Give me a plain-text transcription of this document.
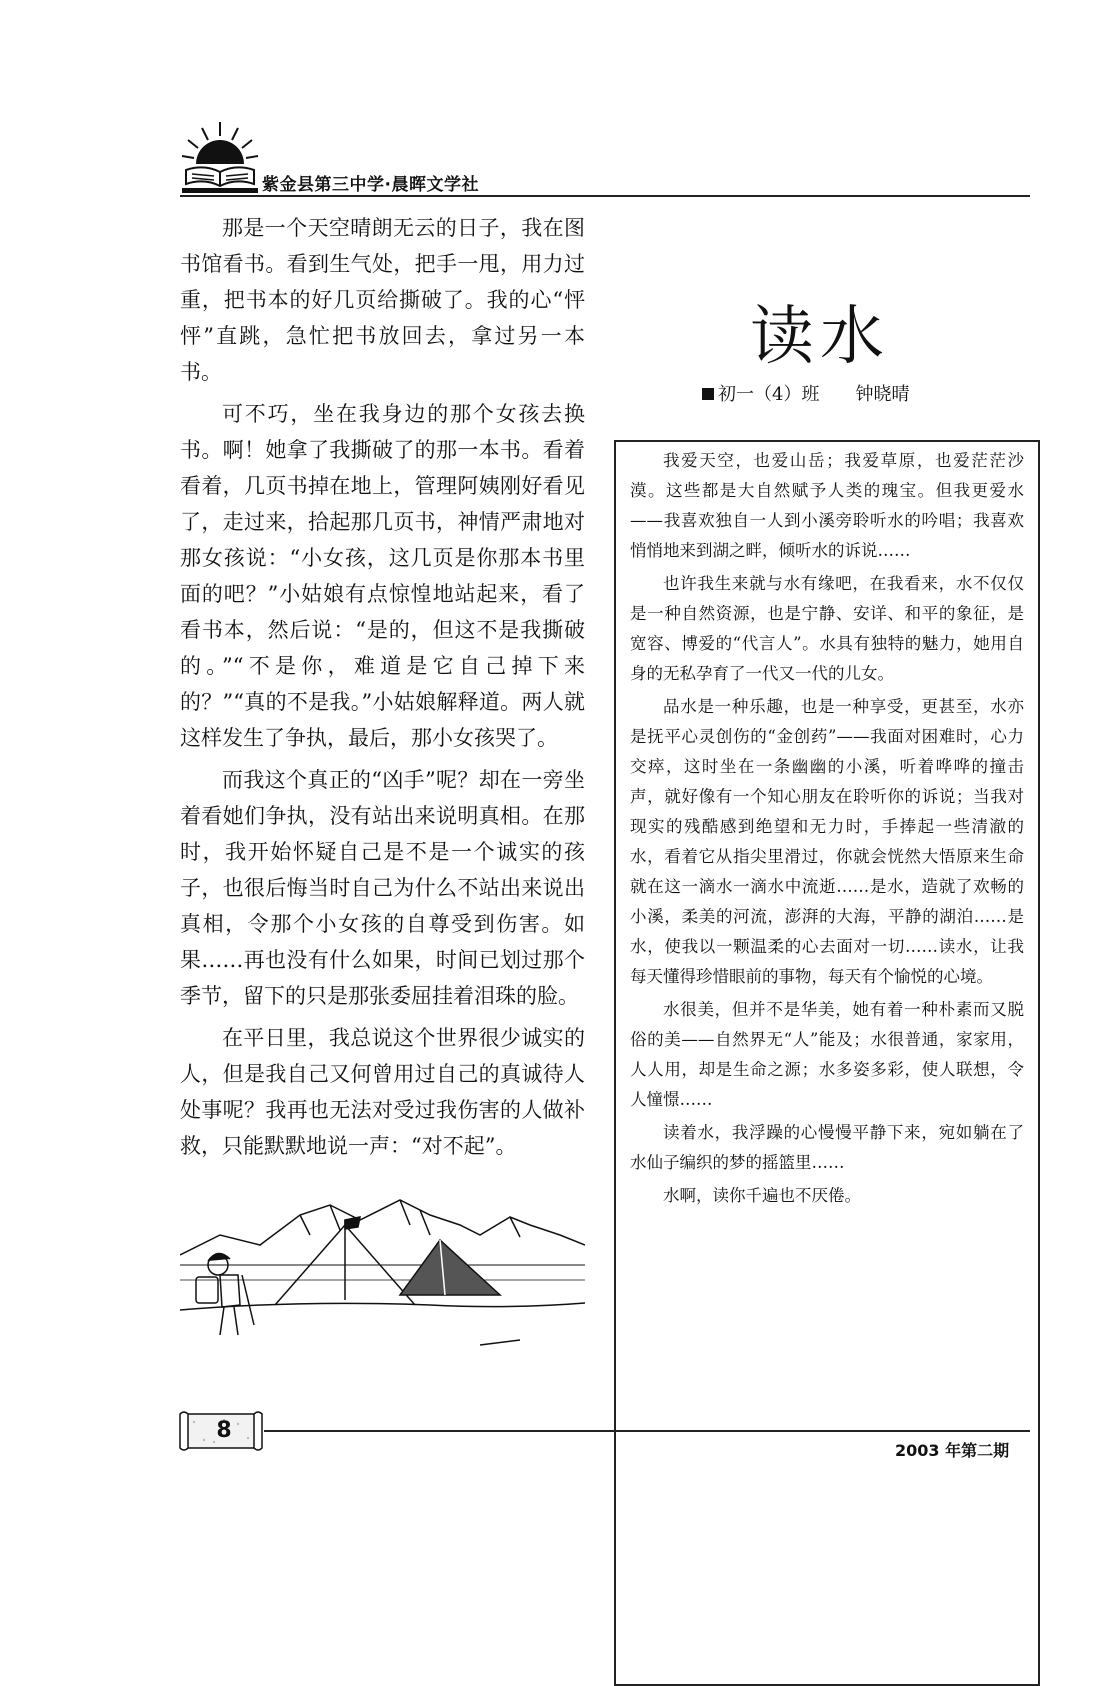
紫金县第三中学·晨晖文学社

那是一个天空晴朗无云的日子，我在图书馆看书。看到生气处，把手一甩，用力过重，把书本的好几页给撕破了。我的心“怦怦”直跳，急忙把书放回去，拿过另一本书。

可不巧，坐在我身边的那个女孩去换书。啊！她拿了我撕破了的那一本书。看着看着，几页书掉在地上，管理阿姨刚好看见了，走过来，拾起那几页书，神情严肃地对那女孩说：“小女孩，这几页是你那本书里面的吧？”小姑娘有点惊惶地站起来，看了看书本，然后说：“是的，但这不是我撕破的。”“不是你，难道是它自己掉下来的？”“真的不是我。”小姑娘解释道。两人就这样发生了争执，最后，那小女孩哭了。

而我这个真正的“凶手”呢？却在一旁坐着看她们争执，没有站出来说明真相。在那时，我开始怀疑自己是不是一个诚实的孩子，也很后悔当时自己为什么不站出来说出真相，令那个小女孩的自尊受到伤害。如果……再也没有什么如果，时间已划过那个季节，留下的只是那张委屈挂着泪珠的脸。

在平日里，我总说这个世界很少诚实的人，但是我自己又何曾用过自己的真诚待人处事呢？我再也无法对受过我伤害的人做补救，只能默默地说一声：“对不起”。

读水
初一（4）班 钟晓晴

我爱天空，也爱山岳；我爱草原，也爱茫茫沙漠。这些都是大自然赋予人类的瑰宝。但我更爱水——我喜欢独自一人到小溪旁聆听水的吟唱；我喜欢悄悄地来到湖之畔，倾听水的诉说……

也许我生来就与水有缘吧，在我看来，水不仅仅是一种自然资源，也是宁静、安详、和平的象征，是宽容、博爱的“代言人”。水具有独特的魅力，她用自身的无私孕育了一代又一代的儿女。

品水是一种乐趣，也是一种享受，更甚至，水亦是抚平心灵创伤的“金创药”——我面对困难时，心力交瘁，这时坐在一条幽幽的小溪，听着哗哗的撞击声，就好像有一个知心朋友在聆听你的诉说；当我对现实的残酷感到绝望和无力时，手捧起一些清澈的水，看着它从指尖里滑过，你就会恍然大悟原来生命就在这一滴水一滴水中流逝……是水，造就了欢畅的小溪，柔美的河流，澎湃的大海，平静的湖泊……是水，使我以一颗温柔的心去面对一切……读水，让我每天懂得珍惜眼前的事物，每天有个愉悦的心境。

水很美，但并不是华美，她有着一种朴素而又脱俗的美——自然界无“人”能及；水很普通，家家用，人人用，却是生命之源；水多姿多彩，使人联想，令人憧憬……

读着水，我浮躁的心慢慢平静下来，宛如躺在了水仙子编织的梦的摇篮里……

水啊，读你千遍也不厌倦。

8
2003 年第二期
